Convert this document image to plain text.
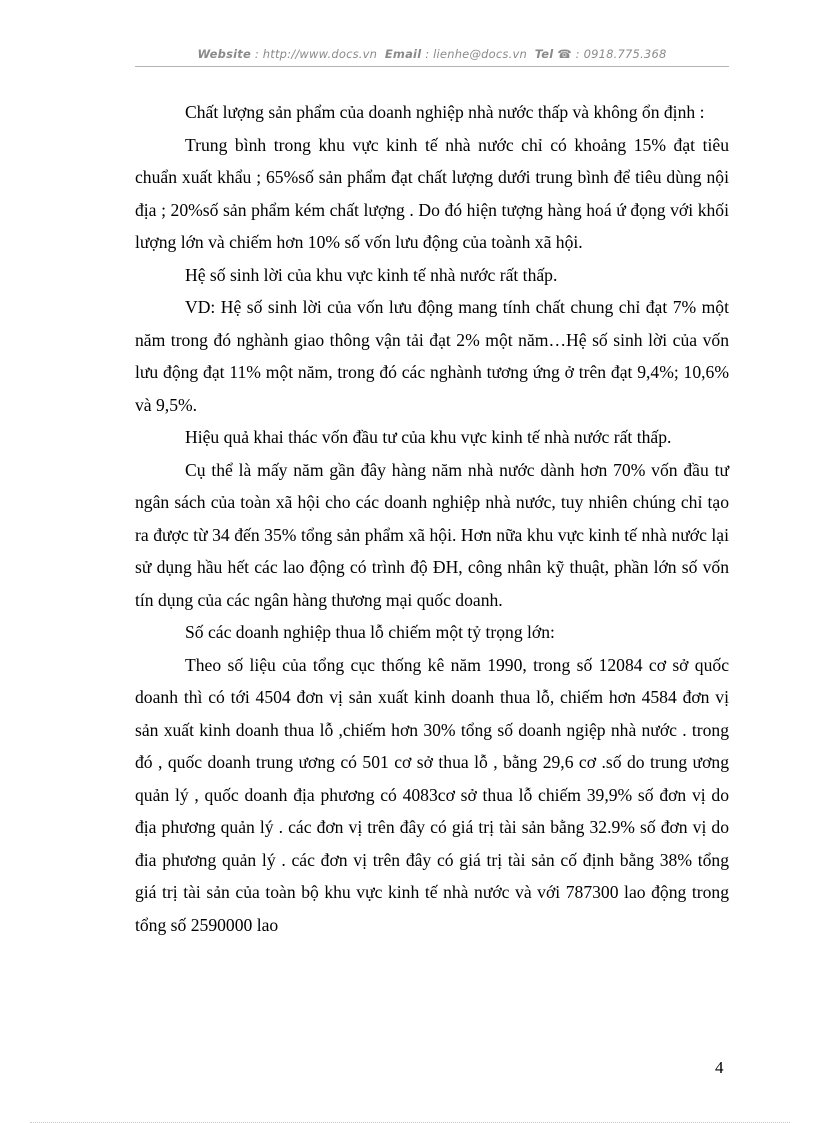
Website : http://www.docs.vn Email : lienhe@docs.vn Tel ☎ : 0918.775.368

Chất lượng sản phẩm của doanh nghiệp nhà nước thấp và không ổn định :

Trung bình trong khu vực kinh tế nhà nước chỉ có khoảng 15% đạt tiêu chuẩn xuất khẩu ; 65%số sản phẩm đạt chất lượng dưới trung bình để tiêu dùng nội địa ; 20%số sản phẩm kém chất lượng . Do đó hiện tượng hàng hoá ứ đọng với khối lượng lớn và chiếm hơn 10% số vốn lưu động của toành xã hội.

Hệ số sinh lời của khu vực kinh tế nhà nước rất thấp.

VD: Hệ số sinh lời của vốn lưu động mang tính chất chung chỉ đạt 7% một năm trong đó nghành giao thông vận tải đạt 2% một năm…Hệ số sinh lời của vốn lưu động đạt 11% một năm, trong đó các nghành tương ứng ở trên đạt 9,4%; 10,6% và 9,5%.

Hiệu quả khai thác vốn đầu tư của khu vực kinh tế nhà nước rất thấp.

Cụ thể là mấy năm gần đây hàng năm nhà nước dành hơn 70% vốn đầu tư ngân sách của toàn xã hội cho các doanh nghiệp nhà nước, tuy nhiên chúng chỉ tạo ra được từ 34 đến 35% tổng sản phẩm xã hội. Hơn nữa khu vực kinh tế nhà nước lại sử dụng hầu hết các lao động có trình độ ĐH, công nhân kỹ thuật, phần lớn số vốn tín dụng của các ngân hàng thương mại quốc doanh.

Số các doanh nghiệp thua lỗ chiếm một tỷ trọng lớn:

Theo số liệu của tổng cục thống kê năm 1990, trong số 12084 cơ sở quốc doanh thì có tới 4504 đơn vị sản xuất kinh doanh thua lỗ, chiếm hơn 4584 đơn vị sản xuất kinh doanh thua lỗ ,chiếm hơn 30% tổng số doanh ngiệp nhà nước . trong đó , quốc doanh trung ương có 501 cơ sở thua lỗ , bằng 29,6 cơ .số do trung ương quản lý , quốc doanh địa phương có 4083cơ sở thua lỗ chiếm 39,9% số đơn vị do địa phương quản lý . các đơn vị trên đây có giá trị tài sản bằng 32.9% số đơn vị do đia phương quản lý . các đơn vị trên đây có giá trị tài sản cố định bằng 38% tổng giá trị tài sản của toàn bộ khu vực kinh tế nhà nước và với 787300 lao động trong tổng số 2590000 lao

4
